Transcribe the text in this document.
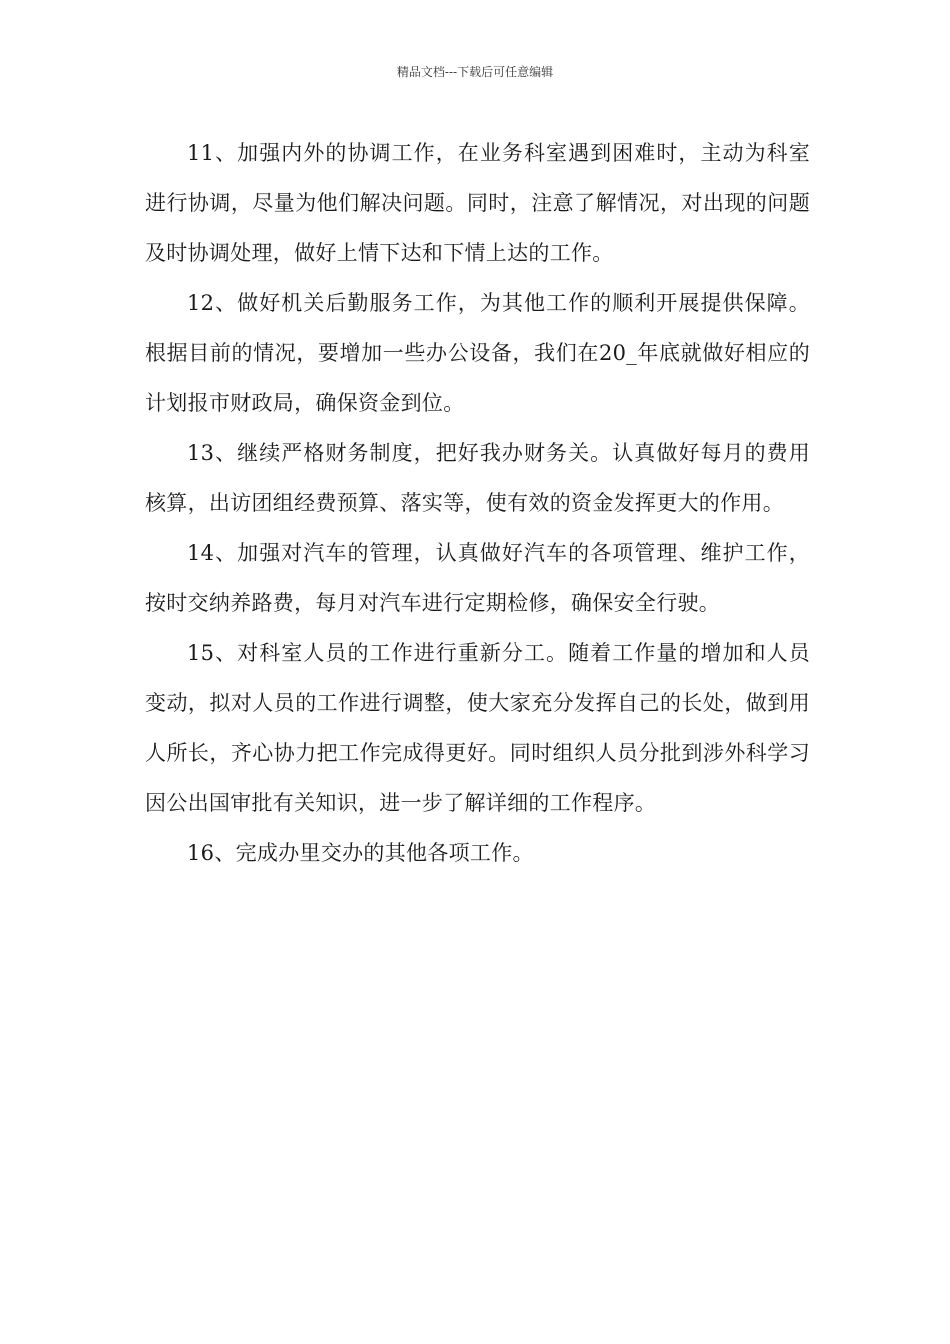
精品文档---下载后可任意编辑

11、加强内外的协调工作，在业务科室遇到困难时，主动为科室进行协调，尽量为他们解决问题。同时，注意了解情况，对出现的问题及时协调处理，做好上情下达和下情上达的工作。

12、做好机关后勤服务工作，为其他工作的顺利开展提供保障。根据目前的情况，要增加一些办公设备，我们在20_年底就做好相应的计划报市财政局，确保资金到位。

13、继续严格财务制度，把好我办财务关。认真做好每月的费用核算，出访团组经费预算、落实等，使有效的资金发挥更大的作用。

14、加强对汽车的管理，认真做好汽车的各项管理、维护工作，按时交纳养路费，每月对汽车进行定期检修，确保安全行驶。

15、对科室人员的工作进行重新分工。随着工作量的增加和人员变动，拟对人员的工作进行调整，使大家充分发挥自己的长处，做到用人所长，齐心协力把工作完成得更好。同时组织人员分批到涉外科学习因公出国审批有关知识，进一步了解详细的工作程序。

16、完成办里交办的其他各项工作。
